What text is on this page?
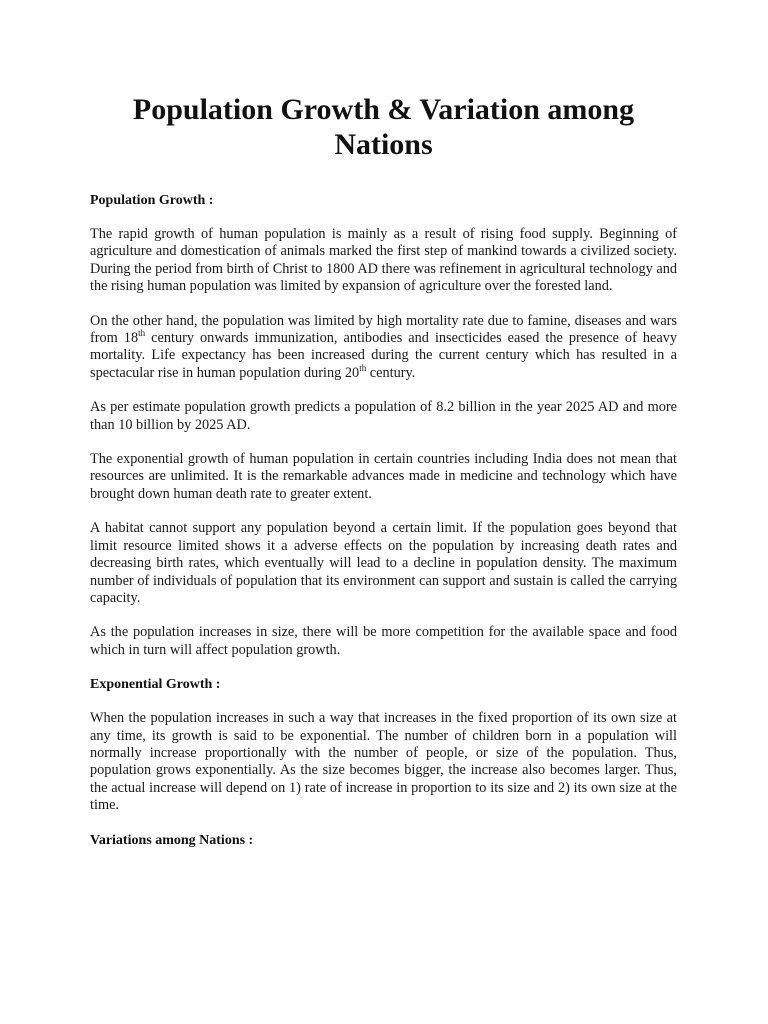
Population Growth & Variation among Nations
Population Growth :

The rapid growth of human population is mainly as a result of rising food supply. Beginning of agriculture and domestication of animals marked the first step of mankind towards a civilized society. During the period from birth of Christ to 1800 AD there was refinement in agricultural technology and the rising human population was limited by expansion of agriculture over the forested land.

On the other hand, the population was limited by high mortality rate due to famine, diseases and wars from 18th century onwards immunization, antibodies and insecticides eased the presence of heavy mortality. Life expectancy has been increased during the current century which has resulted in a spectacular rise in human population during 20th century.

As per estimate population growth predicts a population of 8.2 billion in the year 2025 AD and more than 10 billion by 2025 AD.

The exponential growth of human population in certain countries including India does not mean that resources are unlimited. It is the remarkable advances made in medicine and technology which have brought down human death rate to greater extent.

A habitat cannot support any population beyond a certain limit. If the population goes beyond that limit resource limited shows it a adverse effects on the population by increasing death rates and decreasing birth rates, which eventually will lead to a decline in population density. The maximum number of individuals of population that its environment can support and sustain is called the carrying capacity.

As the population increases in size, there will be more competition for the available space and food which in turn will affect population growth.

Exponential Growth :

When the population increases in such a way that increases in the fixed proportion of its own size at any time, its growth is said to be exponential. The number of children born in a population will normally increase proportionally with the number of people, or size of the population. Thus, population grows exponentially. As the size becomes bigger, the increase also becomes larger. Thus, the actual increase will depend on 1) rate of increase in proportion to its size and 2) its own size at the time.

Variations among Nations :
